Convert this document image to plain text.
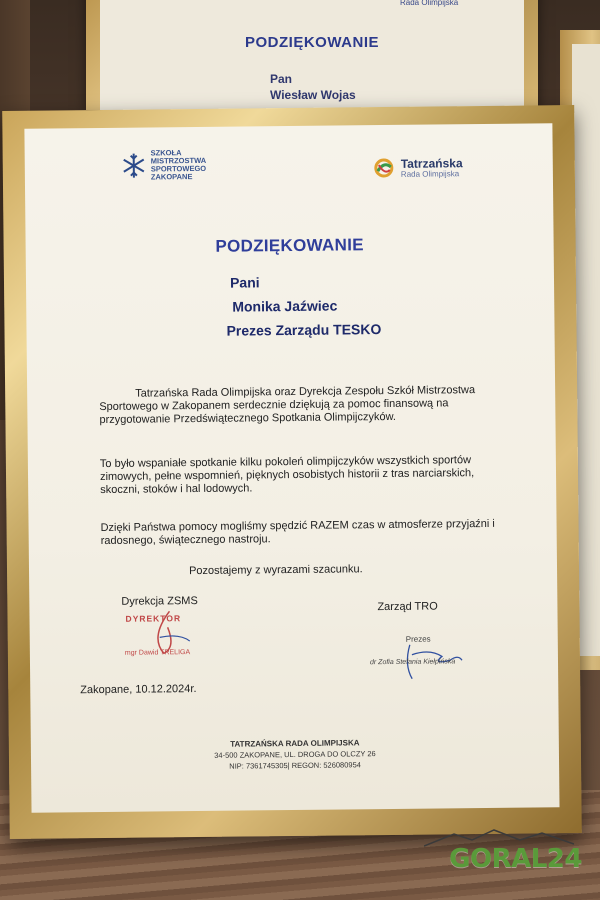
Rada Olimpijska
PODZIĘKOWANIE
Pan
Wiesław Wojas
SZKOŁA
MISTRZOSTWA
SPORTOWEGO
ZAKOPANE
Tatrzańska
Rada Olimpijska
PODZIĘKOWANIE
Pani
Monika Jaźwiec
Prezes Zarządu TESKO
Tatrzańska Rada Olimpijska oraz Dyrekcja Zespołu Szkół Mistrzostwa Sportowego w Zakopanem serdecznie dziękują za pomoc finansową na przygotowanie Przedświątecznego Spotkania Olimpijczyków.
To było wspaniałe spotkanie kilku pokoleń olimpijczyków wszystkich sportów zimowych, pełne wspomnień, pięknych osobistych historii z tras narciarskich, skoczni, stoków i hal lodowych.
Dzięki Państwa pomocy mogliśmy spędzić RAZEM czas w atmosferze przyjaźni i radosnego, świątecznego nastroju.
Pozostajemy z wyrazami szacunku.
Dyrekcja ZSMS	Zarząd TRO
DYREKTOR
mgr Dawid TRELIGA
Prezes
dr Zofia Stefania Kiełpińska
Zakopane, 10.12.2024r.
TATRZAŃSKA RADA OLIMPIJSKA
34-500 ZAKOPANE, UL. DROGA DO OLCZY 26
NIP: 7361745305| REGON: 526080954
GORAL24
